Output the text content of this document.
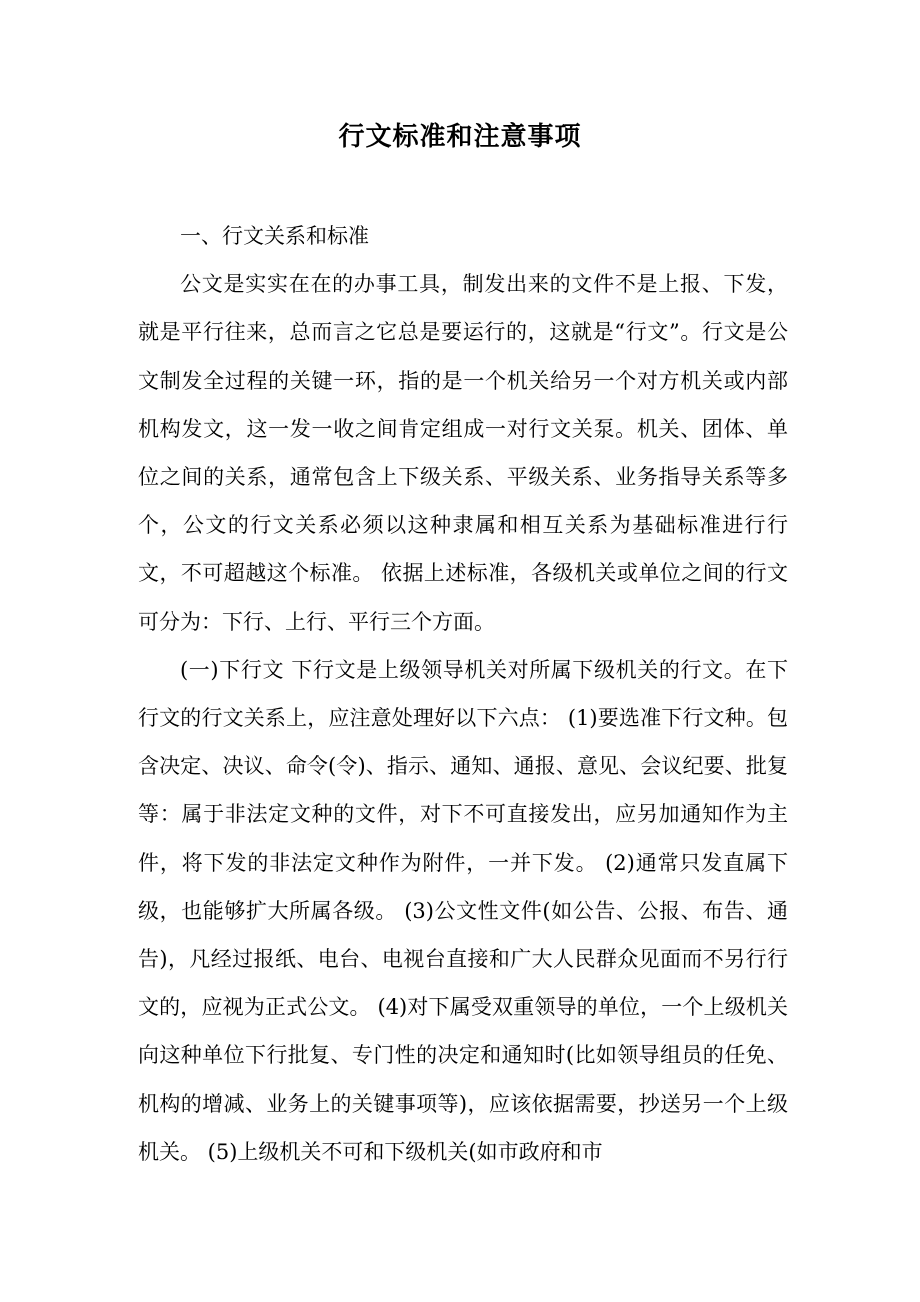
行文标准和注意事项

一、行文关系和标准

公文是实实在在的办事工具，制发出来的文件不是上报、下发，就是平行往来，总而言之它总是要运行的，这就是“行文”。行文是公文制发全过程的关键一环，指的是一个机关给另一个对方机关或内部机构发文，这一发一收之间肯定组成一对行文关泵。机关、团体、单位之间的关系，通常包含上下级关系、平级关系、业务指导关系等多个，公文的行文关系必须以这种隶属和相互关系为基础标准进行行文，不可超越这个标准。 依据上述标准，各级机关或单位之间的行文可分为：下行、上行、平行三个方面。

(一)下行文 下行文是上级领导机关对所属下级机关的行文。在下行文的行文关系上，应注意处理好以下六点： (1)要选准下行文种。包含决定、决议、命令(令)、指示、通知、通报、意见、会议纪要、批复等：属于非法定文种的文件，对下不可直接发出，应另加通知作为主件，将下发的非法定文种作为附件，一并下发。 (2)通常只发直属下级，也能够扩大所属各级。 (3)公文性文件(如公告、公报、布告、通告)，凡经过报纸、电台、电视台直接和广大人民群众见面而不另行行文的，应视为正式公文。 (4)对下属受双重领导的单位，一个上级机关向这种单位下行批复、专门性的决定和通知时(比如领导组员的任免、机构的增减、业务上的关键事项等)，应该依据需要，抄送另一个上级机关。 (5)上级机关不可和下级机关(如市政府和市
